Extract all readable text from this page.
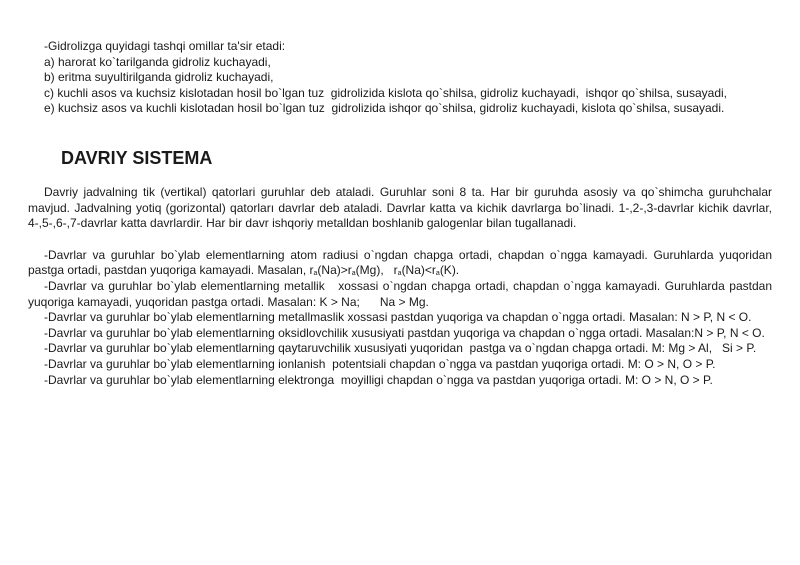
-Gidrolizga quyidagi tashqi omillar ta'sir etadi:

a) harorat ko`tarilganda gidroliz kuchayadi,

b) eritma suyultirilganda gidroliz kuchayadi,

c) kuchli asos va kuchsiz kislotadan hosil bo`lgan tuz  gidrolizida kislota qo`shilsa, gidroliz kuchayadi,  ishqor qo`shilsa, susayadi,

e) kuchsiz asos va kuchli kislotadan hosil bo`lgan tuz  gidrolizida ishqor qo`shilsa, gidroliz kuchayadi, kislota qo`shilsa, susayadi.

DAVRIY SISTEMA

Davriy jadvalning tik (vertikal) qatorlari guruhlar deb ataladi. Guruhlar soni 8 ta. Har bir guruhda asosiy va qo`shimcha guruhchalar mavjud. Jadvalning yotiq (gorizontal) qatorları davrlar deb ataladi. Davrlar katta va kichik davrlarga bo`linadi. 1-,2-,3-davrlar kichik davrlar, 4-,5-,6-,7-davrlar katta davrlardir. Har bir davr ishqoriy metalldan boshlanib galogenlar bilan tugallanadi.

-Davrlar va guruhlar bo`ylab elementlarning atom radiusi o`ngdan chapga ortadi, chapdan o`ngga kamayadi. Guruhlarda yuqoridan pastga ortadi, pastdan yuqoriga kamayadi. Masalan, $r_a(Na)>r_a(Mg)$,   $r_a(Na)<r_a(K)$.

-Davrlar va guruhlar bo`ylab elementlarning metallik   xossasi o`ngdan chapga ortadi, chapdan o`ngga kamayadi. Guruhlarda pastdan yuqoriga kamayadi, yuqoridan pastga ortadi. Masalan: K > Na;      Na > Mg.

-Davrlar va guruhlar bo`ylab elementlarning metallmaslik xossasi pastdan yuqoriga va chapdan o`ngga ortadi. Masalan: N > P, N < O.

-Davrlar va guruhlar bo`ylab elementlarning oksidlovchilik xususiyati pastdan yuqoriga va chapdan o`ngga ortadi. Masalan:N > P, N < O.

-Davrlar va guruhlar bo`ylab elementlarning qaytaruvchilik xususiyati yuqoridan  pastga va o`ngdan chapga ortadi. M: Mg > Al,   Si > P.

-Davrlar va guruhlar bo`ylab elementlarning ionlanish  potentsiali chapdan o`ngga va pastdan yuqoriga ortadi. M: O > N, O > P.

-Davrlar va guruhlar bo`ylab elementlarning elektronga  moyilligi chapdan o`ngga va pastdan yuqoriga ortadi. M: O > N, O > P.
